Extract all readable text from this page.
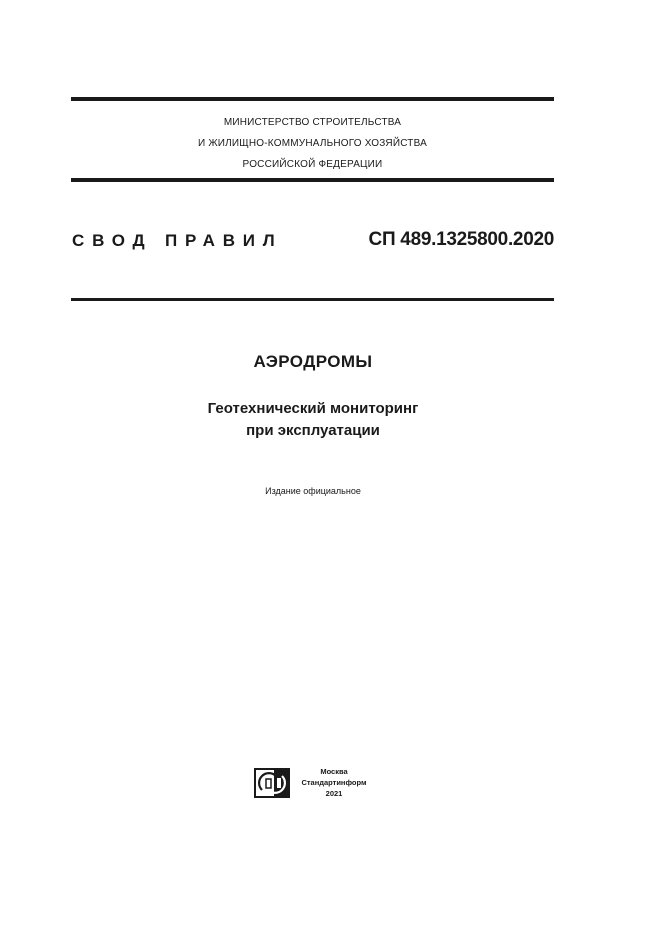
МИНИСТЕРСТВО СТРОИТЕЛЬСТВА
И ЖИЛИЩНО-КОММУНАЛЬНОГО ХОЗЯЙСТВА
РОССИЙСКОЙ ФЕДЕРАЦИИ
СВОД ПРАВИЛ	СП 489.1325800.2020
АЭРОДРОМЫ
Геотехнический мониторинг
при эксплуатации
Издание официальное
Москва
Стандартинформ
2021
